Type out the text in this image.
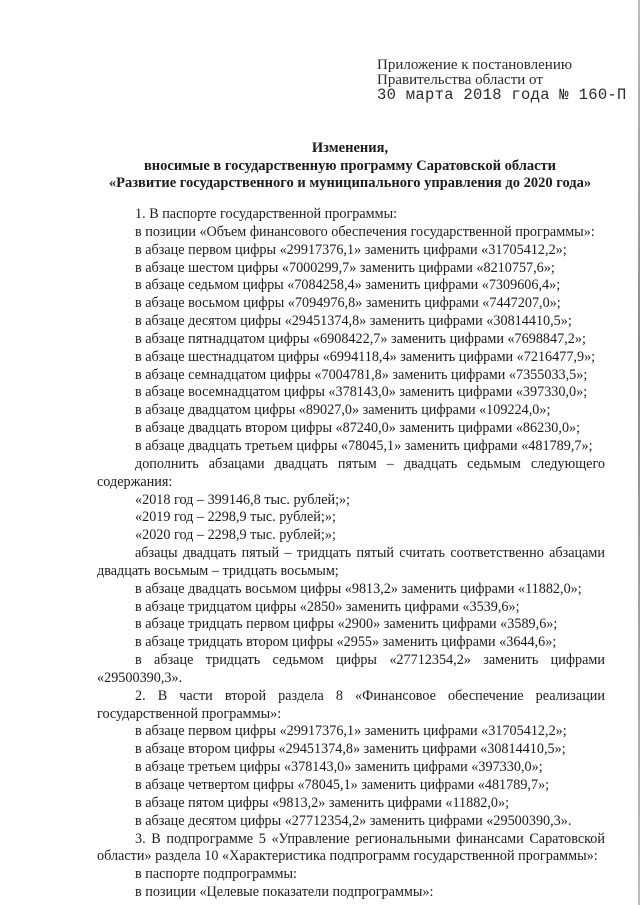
Приложение к постановлению
Правительства области от
30 марта 2018 года № 160-П
Изменения,
вносимые в государственную программу Саратовской области
«Развитие государственного и муниципального управления до 2020 года»
1. В паспорте государственной программы:
в позиции «Объем финансового обеспечения государственной программы»:
в абзаце первом цифры «29917376,1» заменить цифрами «31705412,2»;
в абзаце шестом цифры «7000299,7» заменить цифрами «8210757,6»;
в абзаце седьмом цифры «7084258,4» заменить цифрами «7309606,4»;
в абзаце восьмом цифры «7094976,8» заменить цифрами «7447207,0»;
в абзаце десятом цифры «29451374,8» заменить цифрами «30814410,5»;
в абзаце пятнадцатом цифры «6908422,7» заменить цифрами «7698847,2»;
в абзаце шестнадцатом цифры «6994118,4» заменить цифрами «7216477,9»;
в абзаце семнадцатом цифры «7004781,8» заменить цифрами «7355033,5»;
в абзаце восемнадцатом цифры «378143,0» заменить цифрами «397330,0»;
в абзаце двадцатом цифры «89027,0» заменить цифрами «109224,0»;
в абзаце двадцать втором цифры «87240,0» заменить цифрами «86230,0»;
в абзаце двадцать третьем цифры «78045,1» заменить цифрами «481789,7»;
дополнить абзацами двадцать пятым – двадцать седьмым следующего
содержания:
«2018 год – 399146,8 тыс. рублей;»;
«2019 год – 2298,9 тыс. рублей;»;
«2020 год – 2298,9 тыс. рублей;»;
абзацы двадцать пятый – тридцать пятый считать соответственно абзацами
двадцать восьмым – тридцать восьмым;
в абзаце двадцать восьмом цифры «9813,2» заменить цифрами «11882,0»;
в абзаце тридцатом цифры «2850» заменить цифрами «3539,6»;
в абзаце тридцать первом цифры «2900» заменить цифрами «3589,6»;
в абзаце тридцать втором цифры «2955» заменить цифрами «3644,6»;
в абзаце тридцать седьмом цифры «27712354,2» заменить цифрами
«29500390,3».
2. В части второй раздела 8 «Финансовое обеспечение реализации
государственной программы»:
в абзаце первом цифры «29917376,1» заменить цифрами «31705412,2»;
в абзаце втором цифры «29451374,8» заменить цифрами «30814410,5»;
в абзаце третьем цифры «378143,0» заменить цифрами «397330,0»;
в абзаце четвертом цифры «78045,1» заменить цифрами «481789,7»;
в абзаце пятом цифры «9813,2» заменить цифрами «11882,0»;
в абзаце десятом цифры «27712354,2» заменить цифрами «29500390,3».
3. В подпрограмме 5 «Управление региональными финансами Саратовской
области» раздела 10 «Характеристика подпрограмм государственной программы»:
в паспорте подпрограммы:
в позиции «Целевые показатели подпрограммы»:
